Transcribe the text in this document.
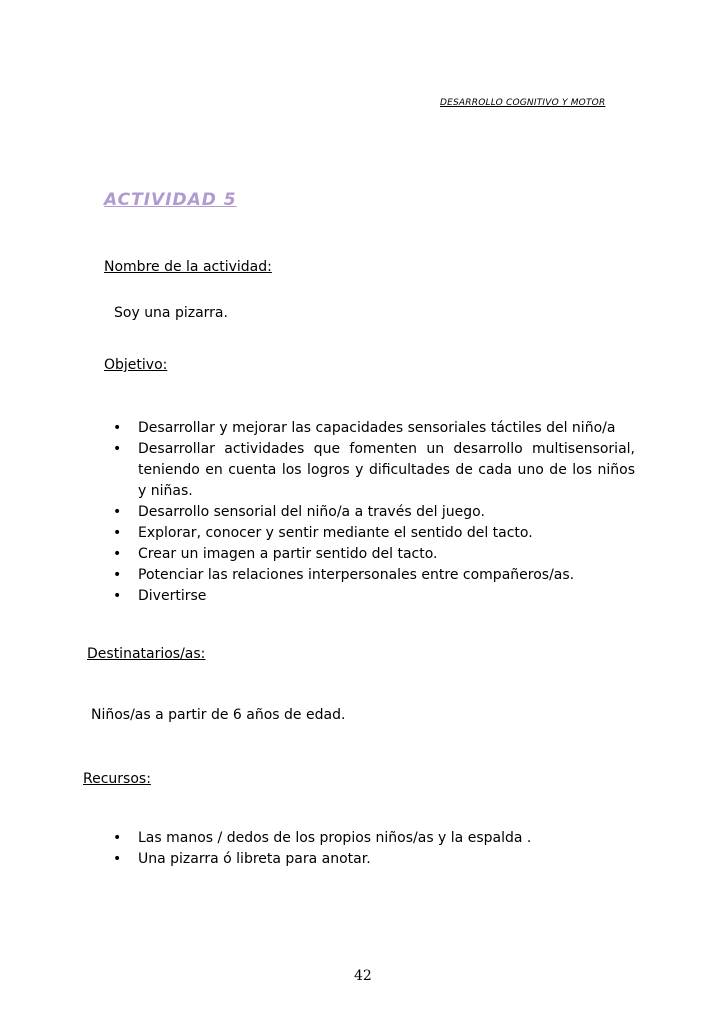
DESARROLLO COGNITIVO Y MOTOR
ACTIVIDAD 5
Nombre de la actividad:
Soy una pizarra.
Objetivo:
• Desarrollar y mejorar las capacidades sensoriales táctiles del niño/a
• Desarrollar actividades que fomenten un desarrollo multisensorial, teniendo en cuenta los logros y dificultades de cada uno de los niños y niñas.
• Desarrollo sensorial del niño/a a través del juego.
• Explorar, conocer y sentir mediante el sentido del tacto.
• Crear un imagen a partir sentido del tacto.
• Potenciar las relaciones interpersonales entre compañeros/as.
• Divertirse
Destinatarios/as:
Niños/as a partir de 6 años de edad.
Recursos:
• Las manos / dedos de los propios niños/as y la espalda .
• Una pizarra ó libreta para anotar.
42
